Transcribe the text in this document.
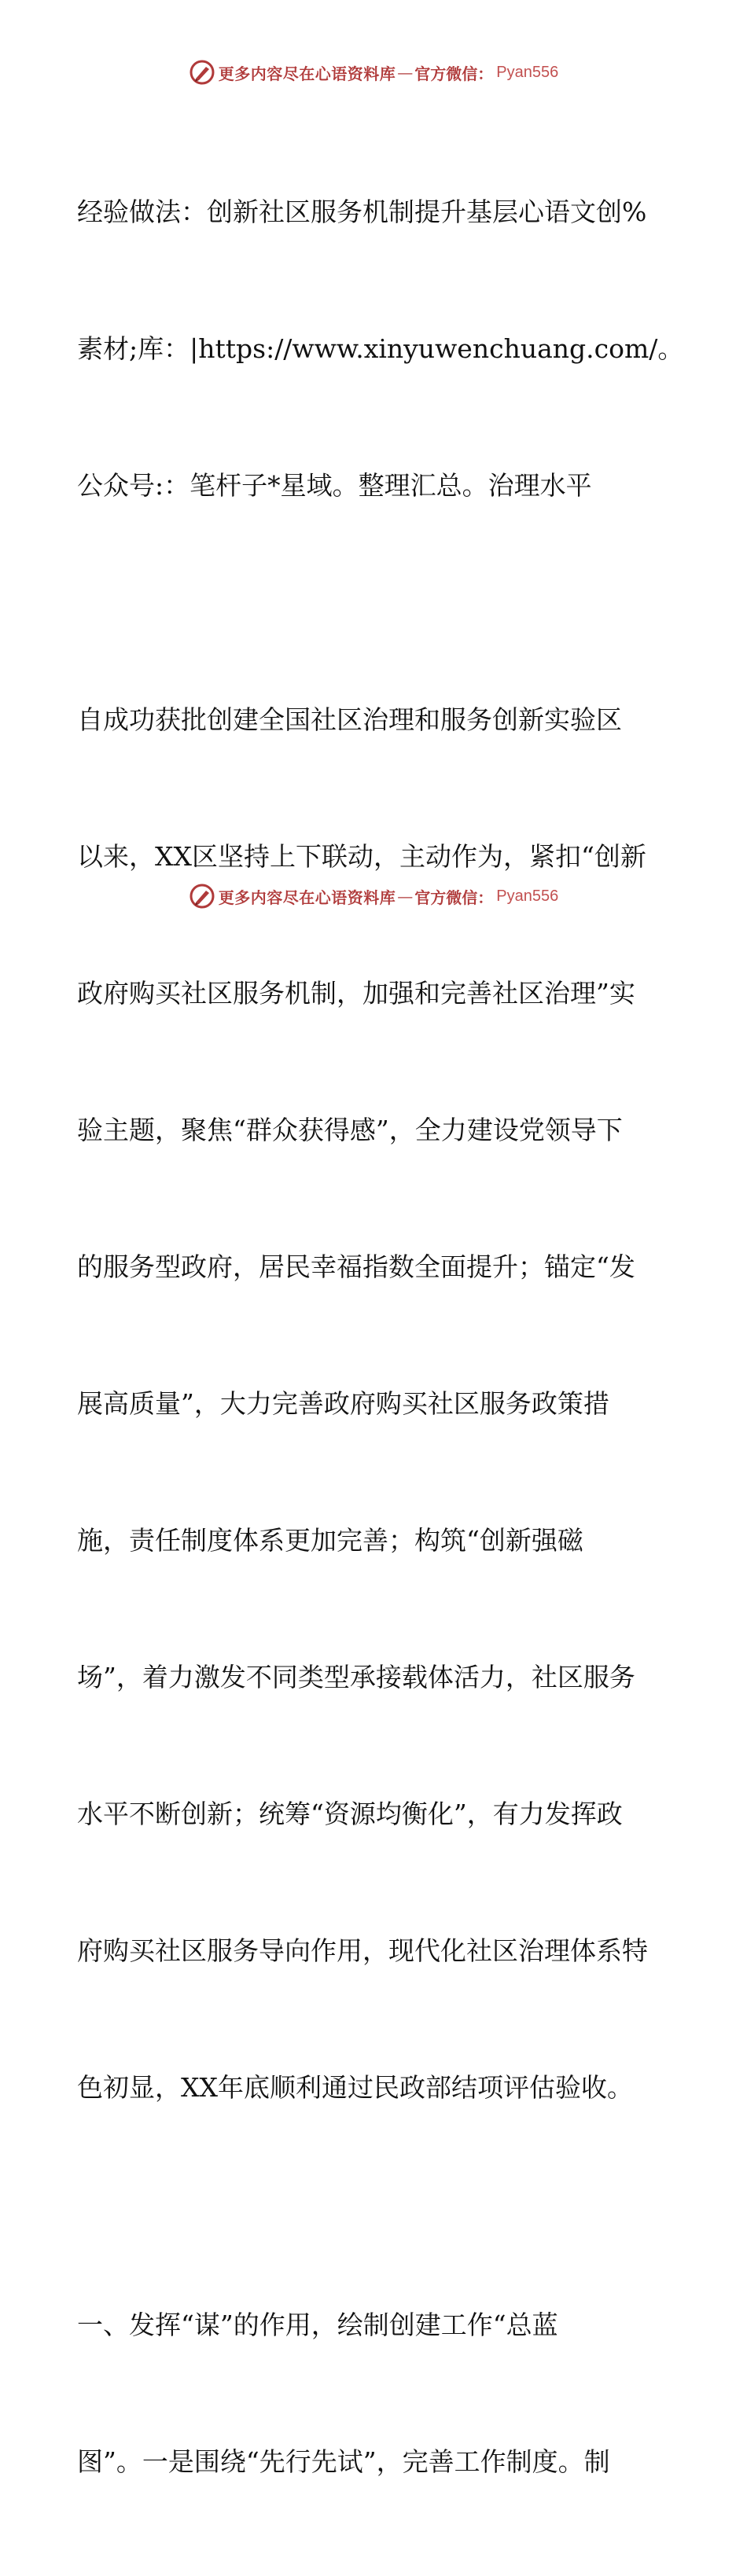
更多内容尽在心语资料库 — 官方微信： Pyan556

经验做法：创新社区服务机制提升基层心语文创%

素材;库：|https://www.xinyuwenchuang.com/。

公众号:：笔杆子*星域。整理汇总。治理水平

自成功获批创建全国社区治理和服务创新实验区

以来，XX区坚持上下联动，主动作为，紧扣“创新

政府购买社区服务机制，加强和完善社区治理”实

验主题，聚焦“群众获得感”，全力建设党领导下

的服务型政府，居民幸福指数全面提升；锚定“发

展高质量”，大力完善政府购买社区服务政策措

施，责任制度体系更加完善；构筑“创新强磁

场”，着力激发不同类型承接载体活力，社区服务

水平不断创新；统筹“资源均衡化”，有力发挥政

府购买社区服务导向作用，现代化社区治理体系特

色初显，XX年底顺利通过民政部结项评估验收。

一、发挥“谋”的作用，绘制创建工作“总蓝

图”。一是围绕“先行先试”，完善工作制度。制

更多内容尽在心语资料库 — 官方微信： Pyan556
